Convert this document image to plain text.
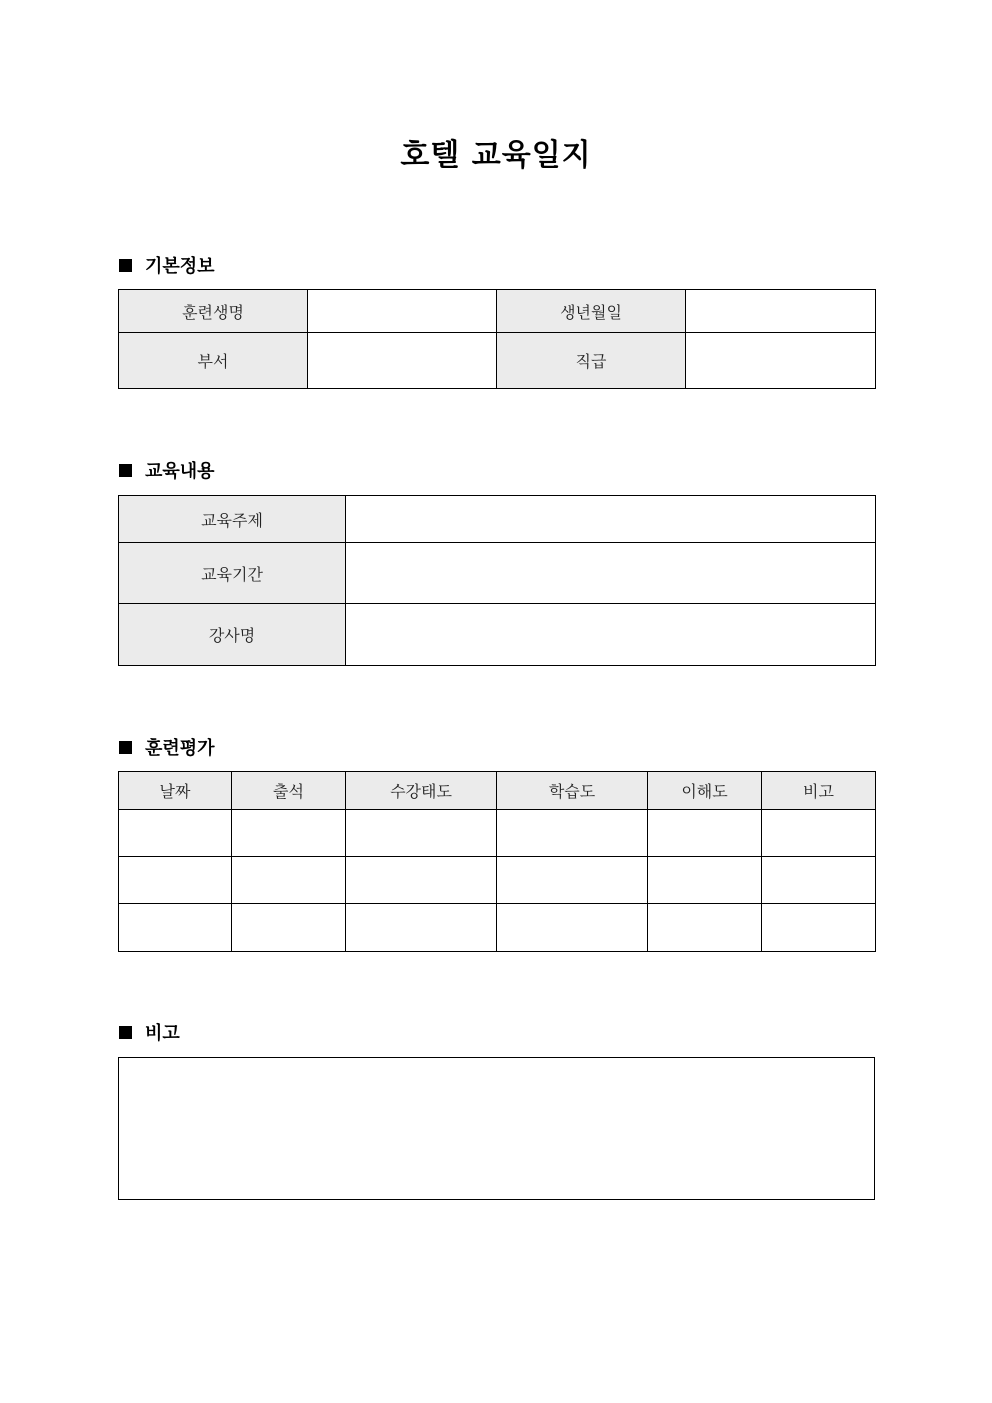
호텔 교육일지
기본정보
훈련생명		생년월일	
부서		직급	
교육내용
교육주제	
교육기간	
강사명	
훈련평가
날짜	출석	수강태도	학습도	이해도	비고

비고
